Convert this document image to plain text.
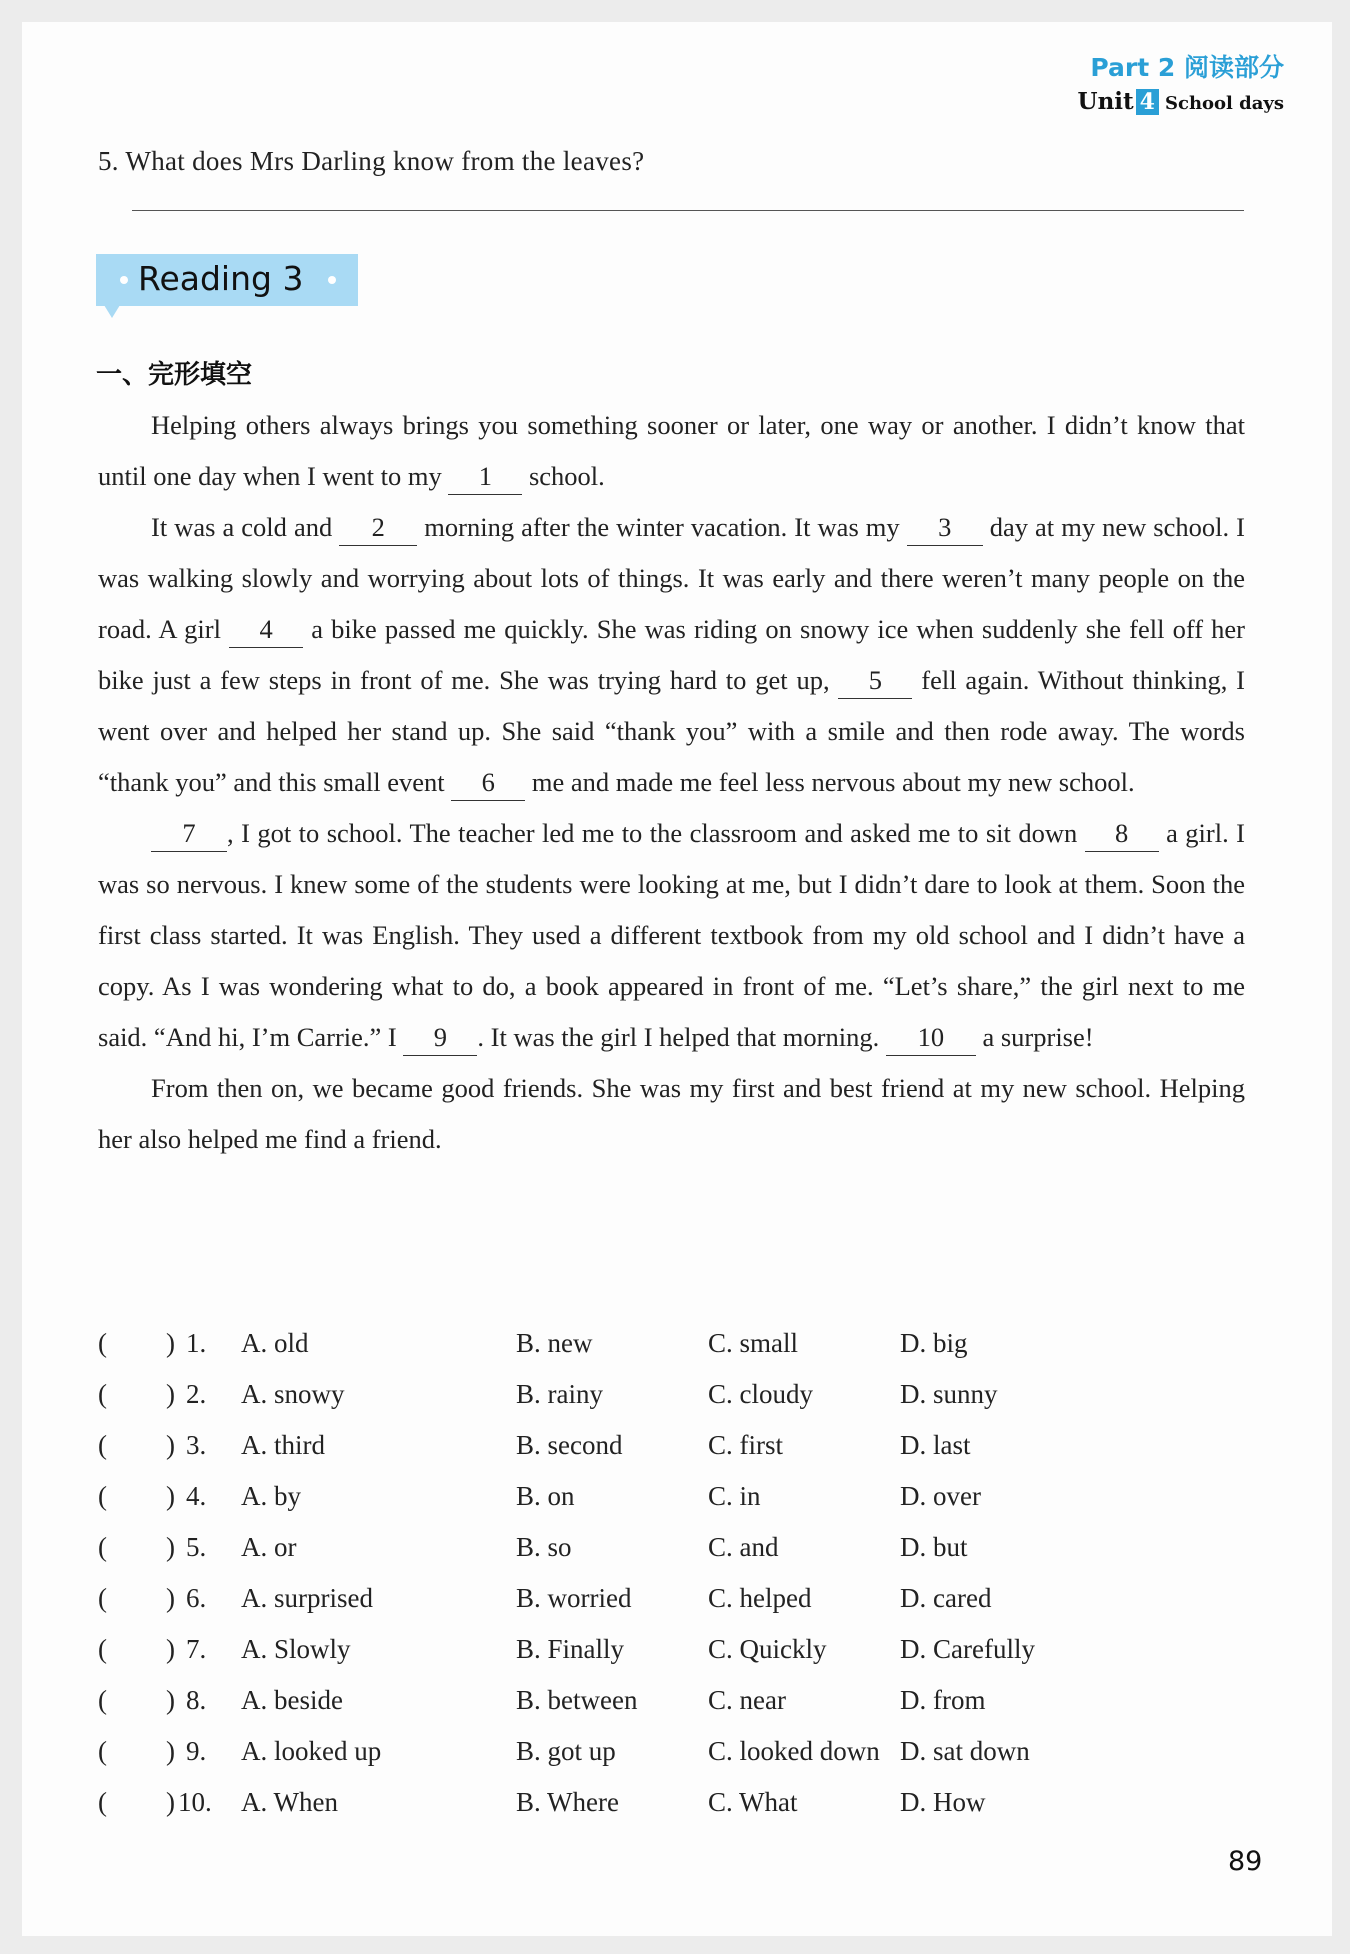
Part 2 阅读部分
Unit 4 School days
5. What does Mrs Darling know from the leaves?
Reading 3
一、完形填空

Helping others always brings you something sooner or later, one way or another. I didn’t know that until one day when I went to my 1 school.

It was a cold and 2 morning after the winter vacation. It was my 3 day at my new school. I was walking slowly and worrying about lots of things. It was early and there weren’t many people on the road. A girl 4 a bike passed me quickly. She was riding on snowy ice when suddenly she fell off her bike just a few steps in front of me. She was trying hard to get up, 5 fell again. Without thinking, I went over and helped her stand up. She said “thank you” with a smile and then rode away. The words “thank you” and this small event 6 me and made me feel less nervous about my new school.

7 , I got to school. The teacher led me to the classroom and asked me to sit down 8 a girl. I was so nervous. I knew some of the students were looking at me, but I didn’t dare to look at them. Soon the first class started. It was English. They used a different textbook from my old school and I didn’t have a copy. As I was wondering what to do, a book appeared in front of me. “Let’s share,” the girl next to me said. “And hi, I’m Carrie.” I 9 . It was the girl I helped that morning. 10 a surprise!

From then on, we became good friends. She was my first and best friend at my new school. Helping her also helped me find a friend.

( ) 1. A. old	B. new	C. small	D. big
( ) 2. A. snowy	B. rainy	C. cloudy	D. sunny
( ) 3. A. third	B. second	C. first	D. last
( ) 4. A. by	B. on	C. in	D. over
( ) 5. A. or	B. so	C. and	D. but
( ) 6. A. surprised	B. worried	C. helped	D. cared
( ) 7. A. Slowly	B. Finally	C. Quickly	D. Carefully
( ) 8. A. beside	B. between	C. near	D. from
( ) 9. A. looked up	B. got up	C. looked down D. sat down
( ) 10. A. When	B. Where	C. What	D. How
89
